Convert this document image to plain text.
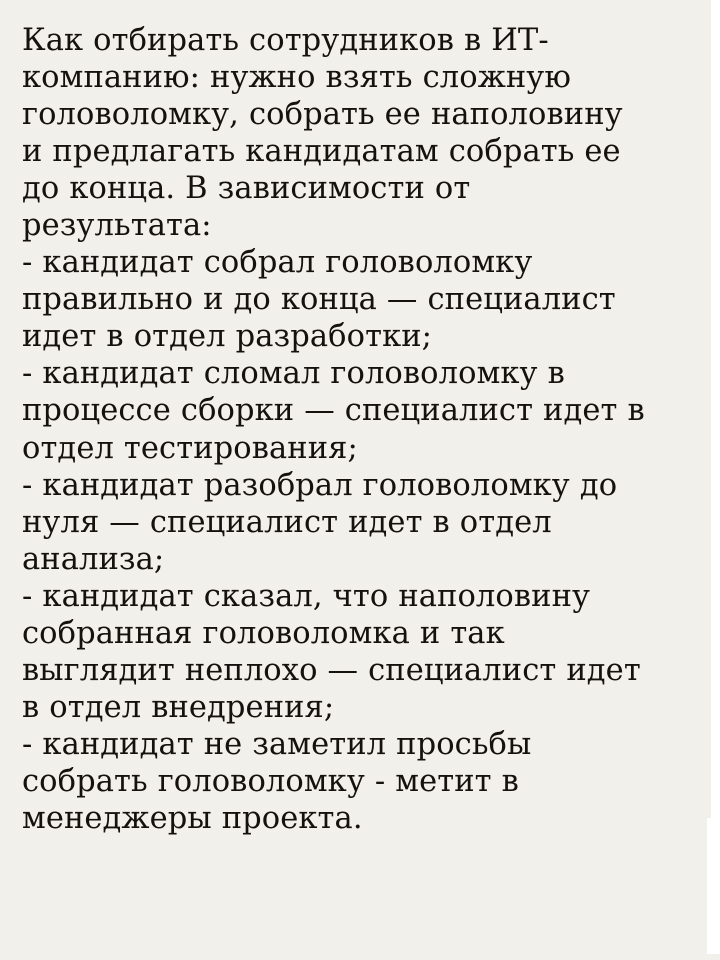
Как отбирать сотрудников в ИТ-
компанию: нужно взять сложную
головоломку, собрать ее наполовину
и предлагать кандидатам собрать ее
до конца. В зависимости от
результата:
- кандидат собрал головоломку
правильно и до конца — специалист
идет в отдел разработки;
- кандидат сломал головоломку в
процессе сборки — специалист идет в
отдел тестирования;
- кандидат разобрал головоломку до
нуля — специалист идет в отдел
анализа;
- кандидат сказал, что наполовину
собранная головоломка и так
выглядит неплохо — специалист идет
в отдел внедрения;
- кандидат не заметил просьбы
собрать головоломку - метит в
менеджеры проекта.
